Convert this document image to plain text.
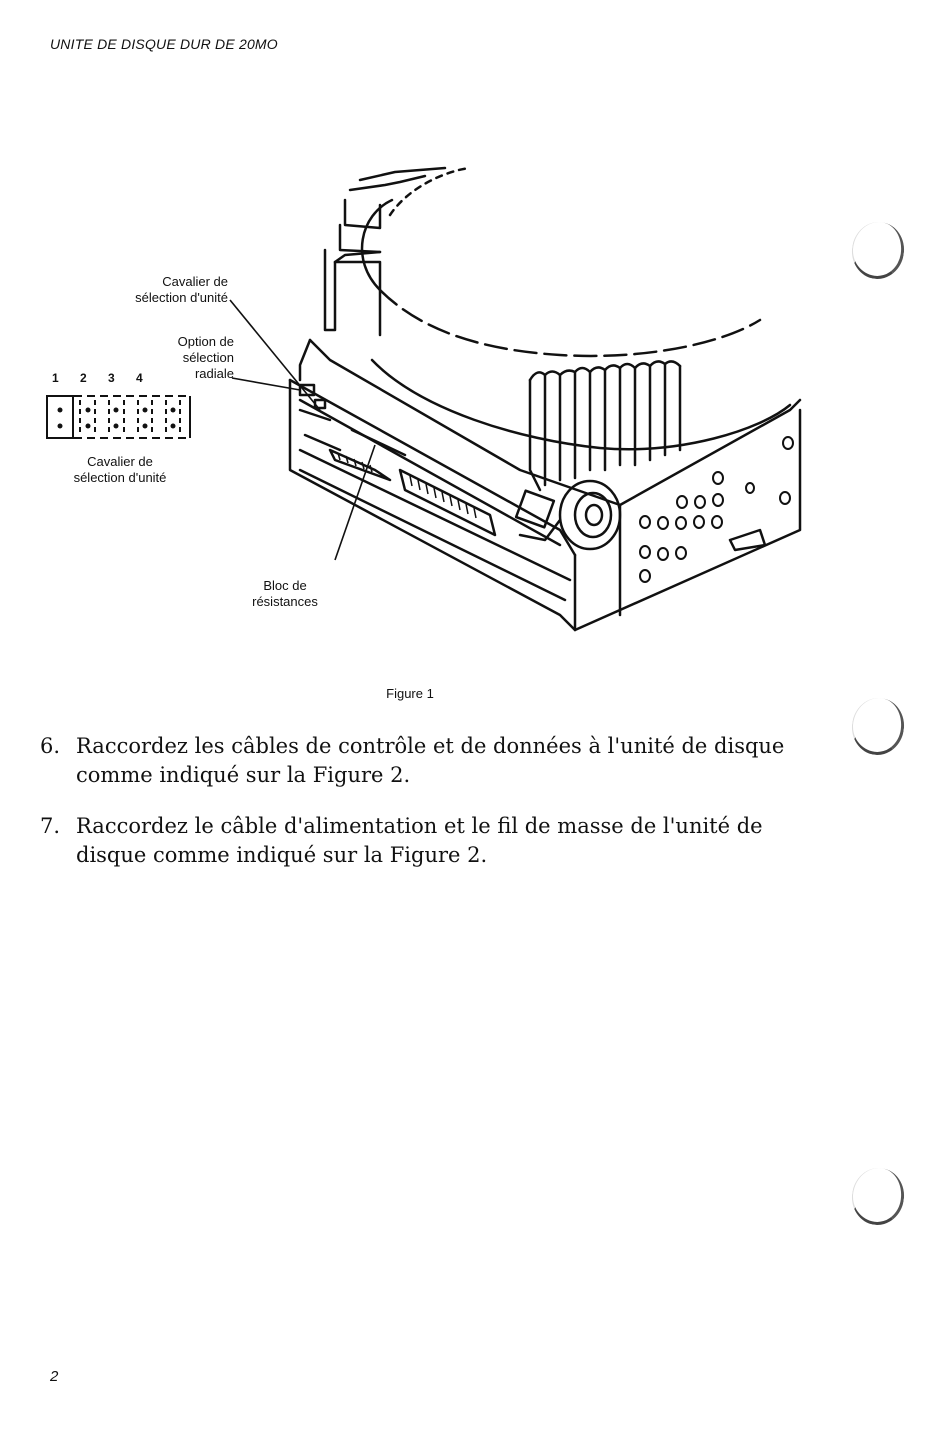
UNITE DE DISQUE DUR DE 20MO
Cavalier de
sélection d'unité
Option de
sélection
radiale
1 2 3 4
Cavalier de
sélection d'unité
Bloc de
résistances
Figure 1
6. Raccordez les câbles de contrôle et de données à l'unité de disque comme indiqué sur la Figure 2.
7. Raccordez le câble d'alimentation et le fil de masse de l'unité de disque comme indiqué sur la Figure 2.
2
